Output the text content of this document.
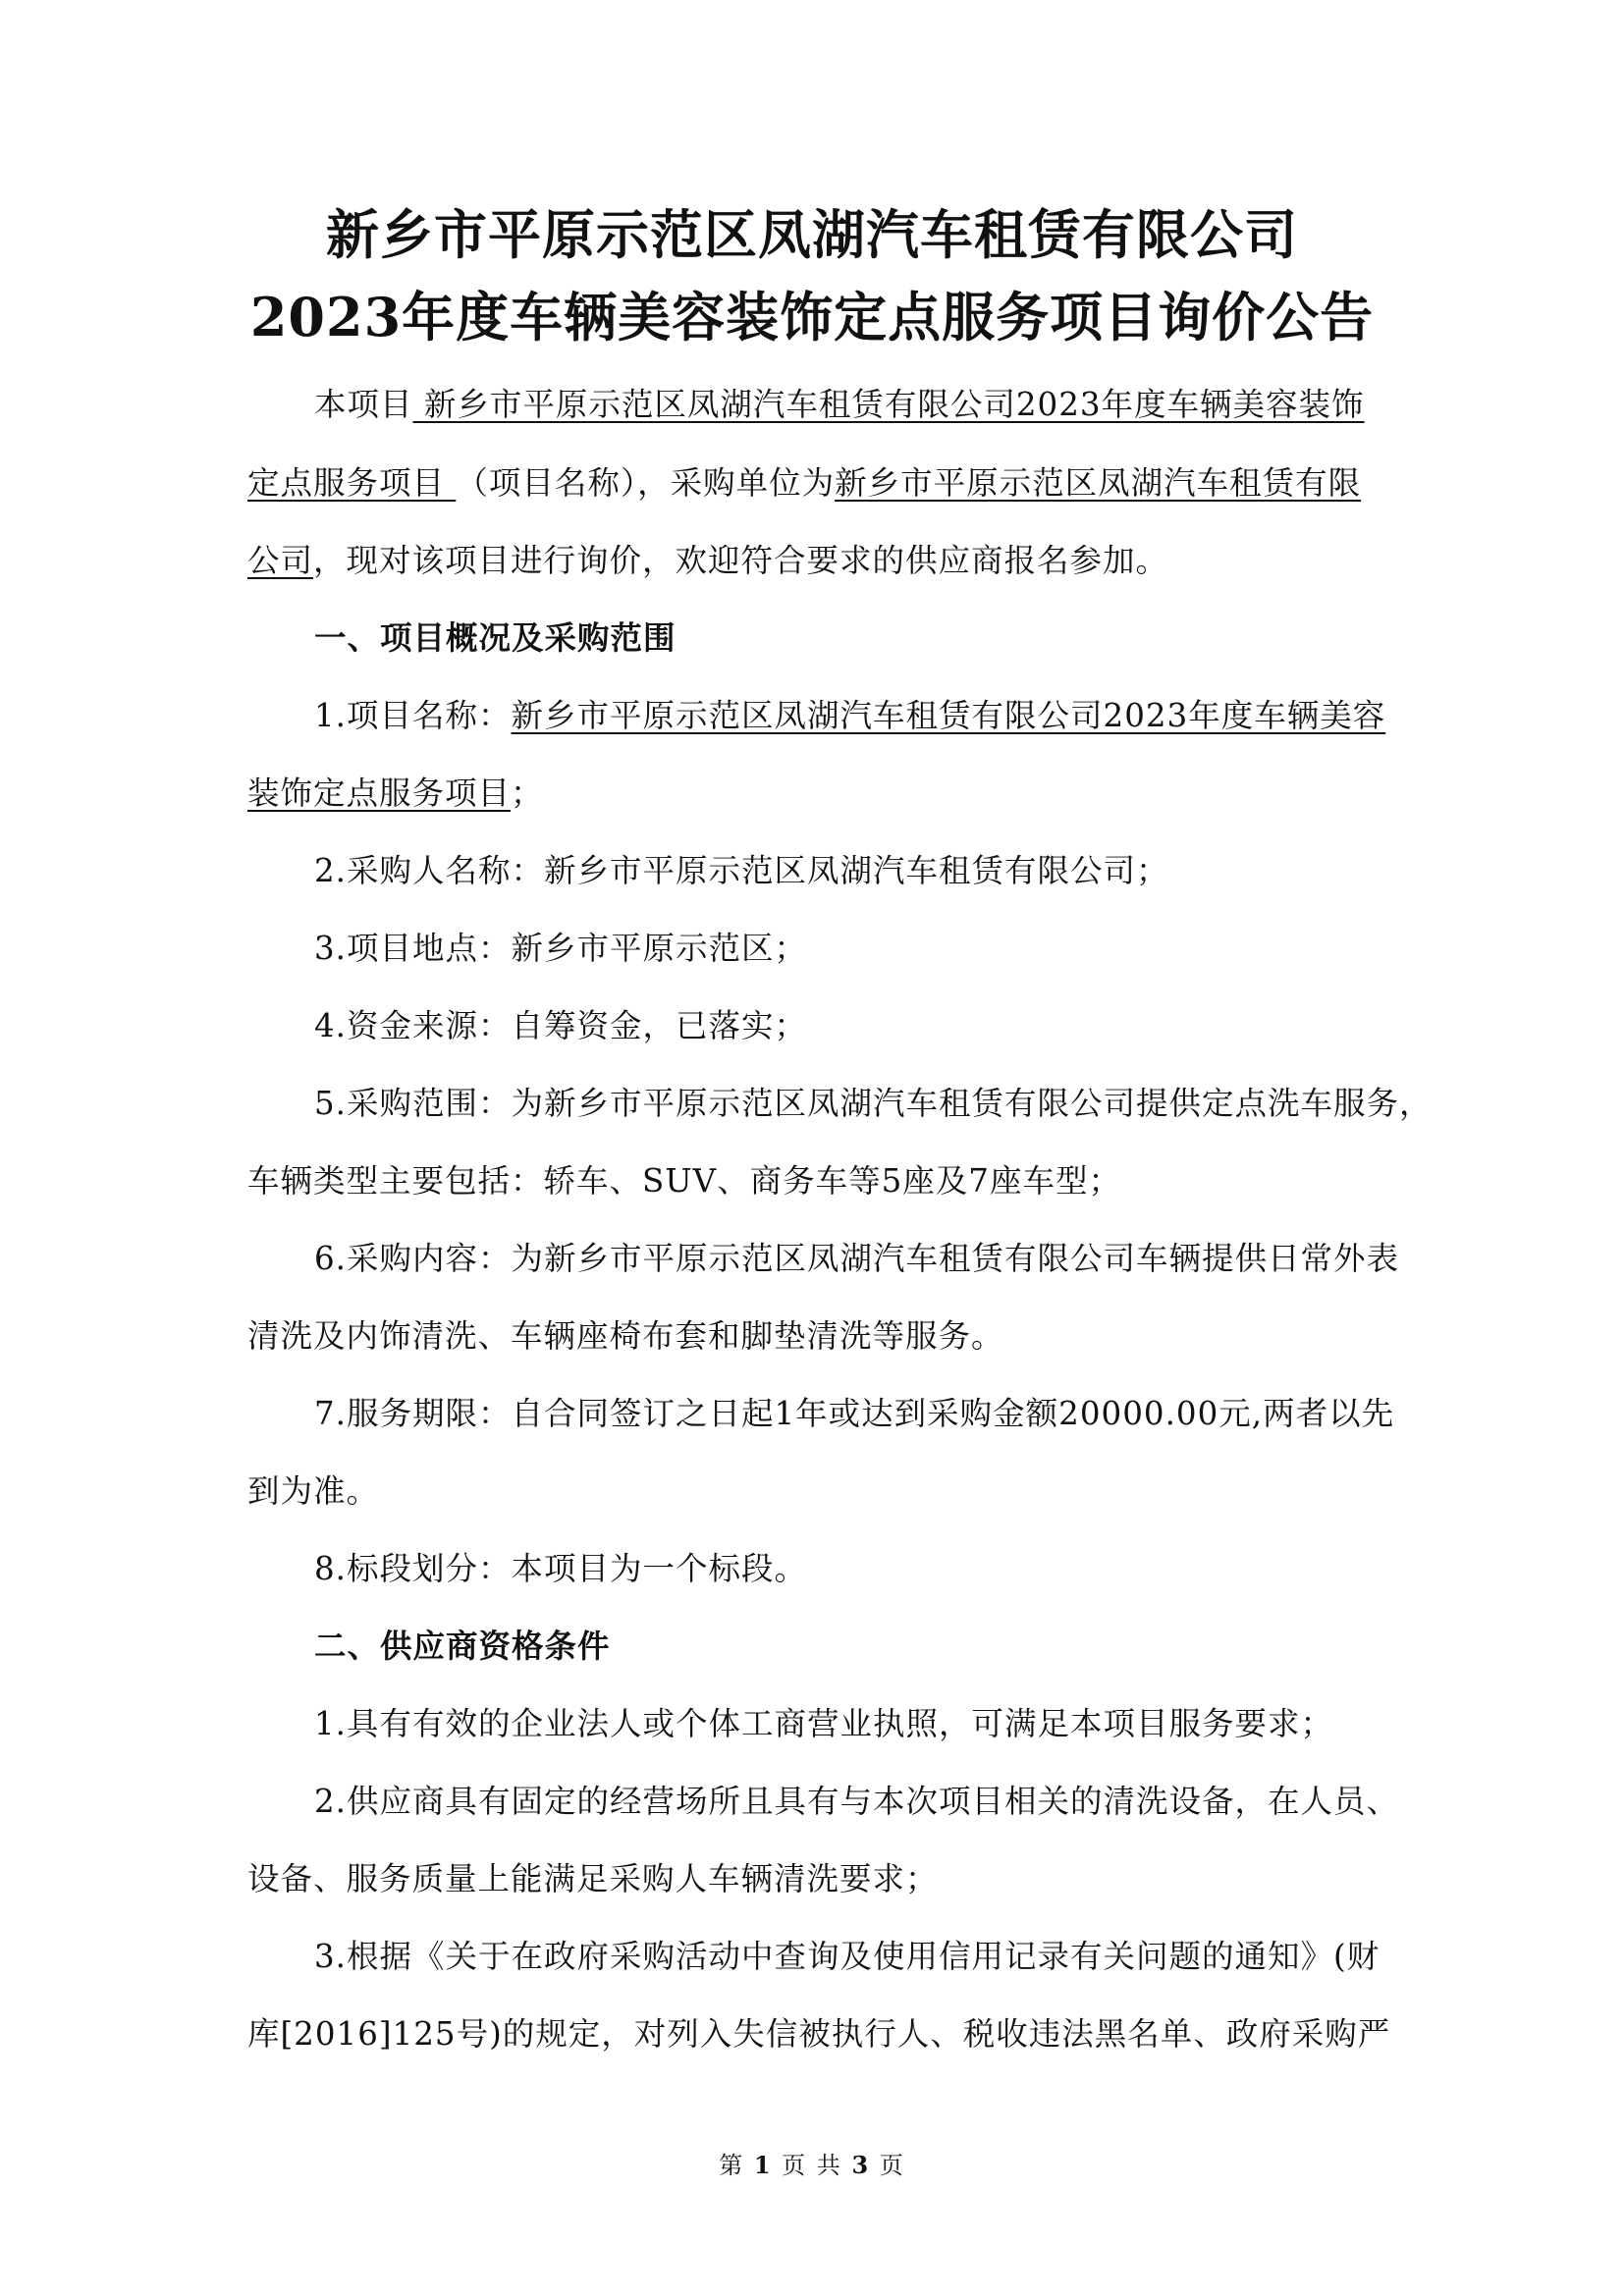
新乡市平原示范区凤湖汽车租赁有限公司
2023年度车辆美容装饰定点服务项目询价公告
本项目 新乡市平原示范区凤湖汽车租赁有限公司2023年度车辆美容装饰
定点服务项目 （项目名称），采购单位为新乡市平原示范区凤湖汽车租赁有限
公司，现对该项目进行询价，欢迎符合要求的供应商报名参加。
一、项目概况及采购范围
1.项目名称：新乡市平原示范区凤湖汽车租赁有限公司2023年度车辆美容
装饰定点服务项目；
2.采购人名称：新乡市平原示范区凤湖汽车租赁有限公司；
3.项目地点：新乡市平原示范区；
4.资金来源：自筹资金，已落实；
5.采购范围：为新乡市平原示范区凤湖汽车租赁有限公司提供定点洗车服务，
车辆类型主要包括：轿车、SUV、商务车等5座及7座车型；
6.采购内容：为新乡市平原示范区凤湖汽车租赁有限公司车辆提供日常外表
清洗及内饰清洗、车辆座椅布套和脚垫清洗等服务。
7.服务期限：自合同签订之日起1年或达到采购金额20000.00元,两者以先
到为准。
8.标段划分：本项目为一个标段。
二、供应商资格条件
1.具有有效的企业法人或个体工商营业执照，可满足本项目服务要求；
2.供应商具有固定的经营场所且具有与本次项目相关的清洗设备，在人员、
设备、服务质量上能满足采购人车辆清洗要求；
3.根据《关于在政府采购活动中查询及使用信用记录有关问题的通知》(财
库[2016]125号)的规定，对列入失信被执行人、税收违法黑名单、政府采购严
第 1 页 共 3 页
